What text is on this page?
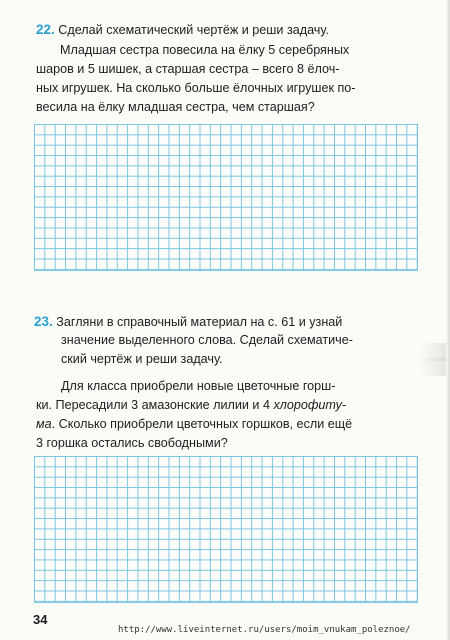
22. Сделай схематический чертёж и реши задачу.
Младшая сестра повесила на ёлку 5 серебряных
шаров и 5 шишек, а старшая сестра – всего 8 ёлоч-
ных игрушек. На сколько больше ёлочных игрушек по-
весила на ёлку младшая сестра, чем старшая?
23. Загляни в справочный материал на с. 61 и узнай
значение выделенного слова. Сделай схематиче-
ский чертёж и реши задачу.
Для класса приобрели новые цветочные горш-
ки. Пересадили 3 амазонские лилии и 4 хлорофиту-
ма. Сколько приобрели цветочных горшков, если ещё
3 горшка остались свободными?
34
http://www.liveinternet.ru/users/moim_vnukam_poleznoe/
